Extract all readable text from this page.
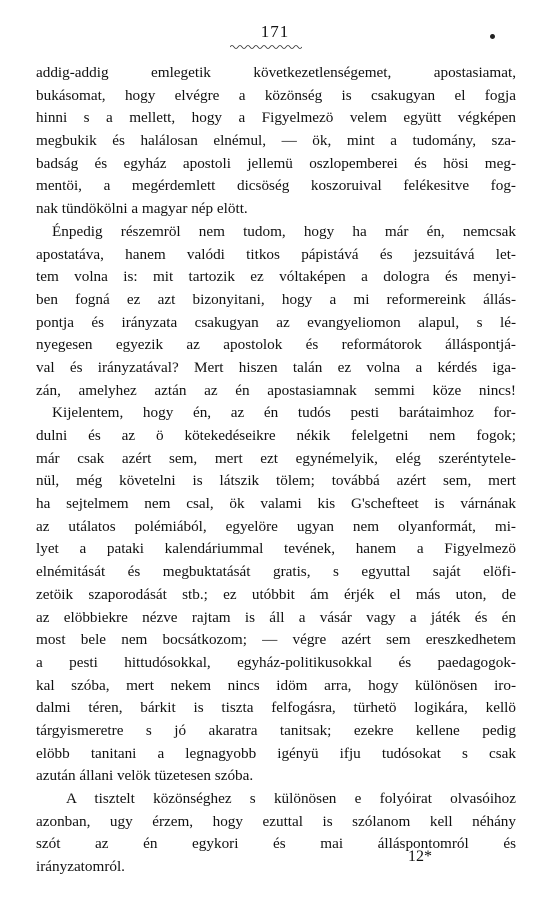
171
addig-addig emlegetik következetlenségemet, apostasiamat,
bukásomat, hogy elvégre a közönség is csakugyan el fogja
hinni s a mellett, hogy a Figyelmezö velem együtt végképen
megbukik és halálosan elnémul, — ök, mint a tudomány, sza-
badság és egyház apostoli jellemü oszlopemberei és hösi meg-
mentöi, a megérdemlett dicsöség koszoruival felékesitve fog-
nak tündökölni a magyar nép elött.
Énpedig részemröl nem tudom, hogy ha már én, nemcsak
apostatáva, hanem valódi titkos pápistává és jezsuitává let-
tem volna is: mit tartozik ez vóltaképen a dologra és menyi-
ben fogná ez azt bizonyitani, hogy a mi reformereink állás-
pontja és irányzata csakugyan az evangyeliomon alapul, s lé-
nyegesen egyezik az apostolok és reformátorok álláspontjá-
val és irányzatával? Mert hiszen talán ez volna a kérdés iga-
zán, amelyhez aztán az én apostasiamnak semmi köze nincs!
Kijelentem, hogy én, az én tudós pesti barátaimhoz for-
dulni és az ö kötekedéseikre nékik felelgetni nem fogok;
már csak azért sem, mert ezt egynémelyik, elég szeréntytele-
nül, még követelni is látszik tölem; továbbá azért sem, mert
ha sejtelmem nem csal, ök valami kis G'schefteet is várnának
az utálatos polémiából, egyelöre ugyan nem olyanformát, mi-
lyet a pataki kalendáriummal tevének, hanem a Figyelmezö
elnémitását és megbuktatását gratis, s egyuttal saját elöfi-
zetöik szaporodását stb.; ez utóbbit ám érjék el más uton, de
az elöbbiekre nézve rajtam is áll a vásár vagy a játék és én
most bele nem bocsátkozom; — végre azért sem ereszkedhetem
a pesti hittudósokkal, egyház-politikusokkal és paedagogok-
kal szóba, mert nekem nincs idöm arra, hogy különösen iro-
dalmi téren, bárkit is tiszta felfogásra, türhetö logikára, kellö
tárgyismeretre s jó akaratra tanitsak; ezekre kellene pedig
elöbb tanitani a legnagyobb igényü ifju tudósokat s csak
azután állani velök tüzetesen szóba.
A tisztelt közönséghez s különösen e folyóirat olvasóihoz
azonban, ugy érzem, hogy ezuttal is szólanom kell néhány
szót az én egykori és mai álláspontomról és
irányzatomról.
12*
